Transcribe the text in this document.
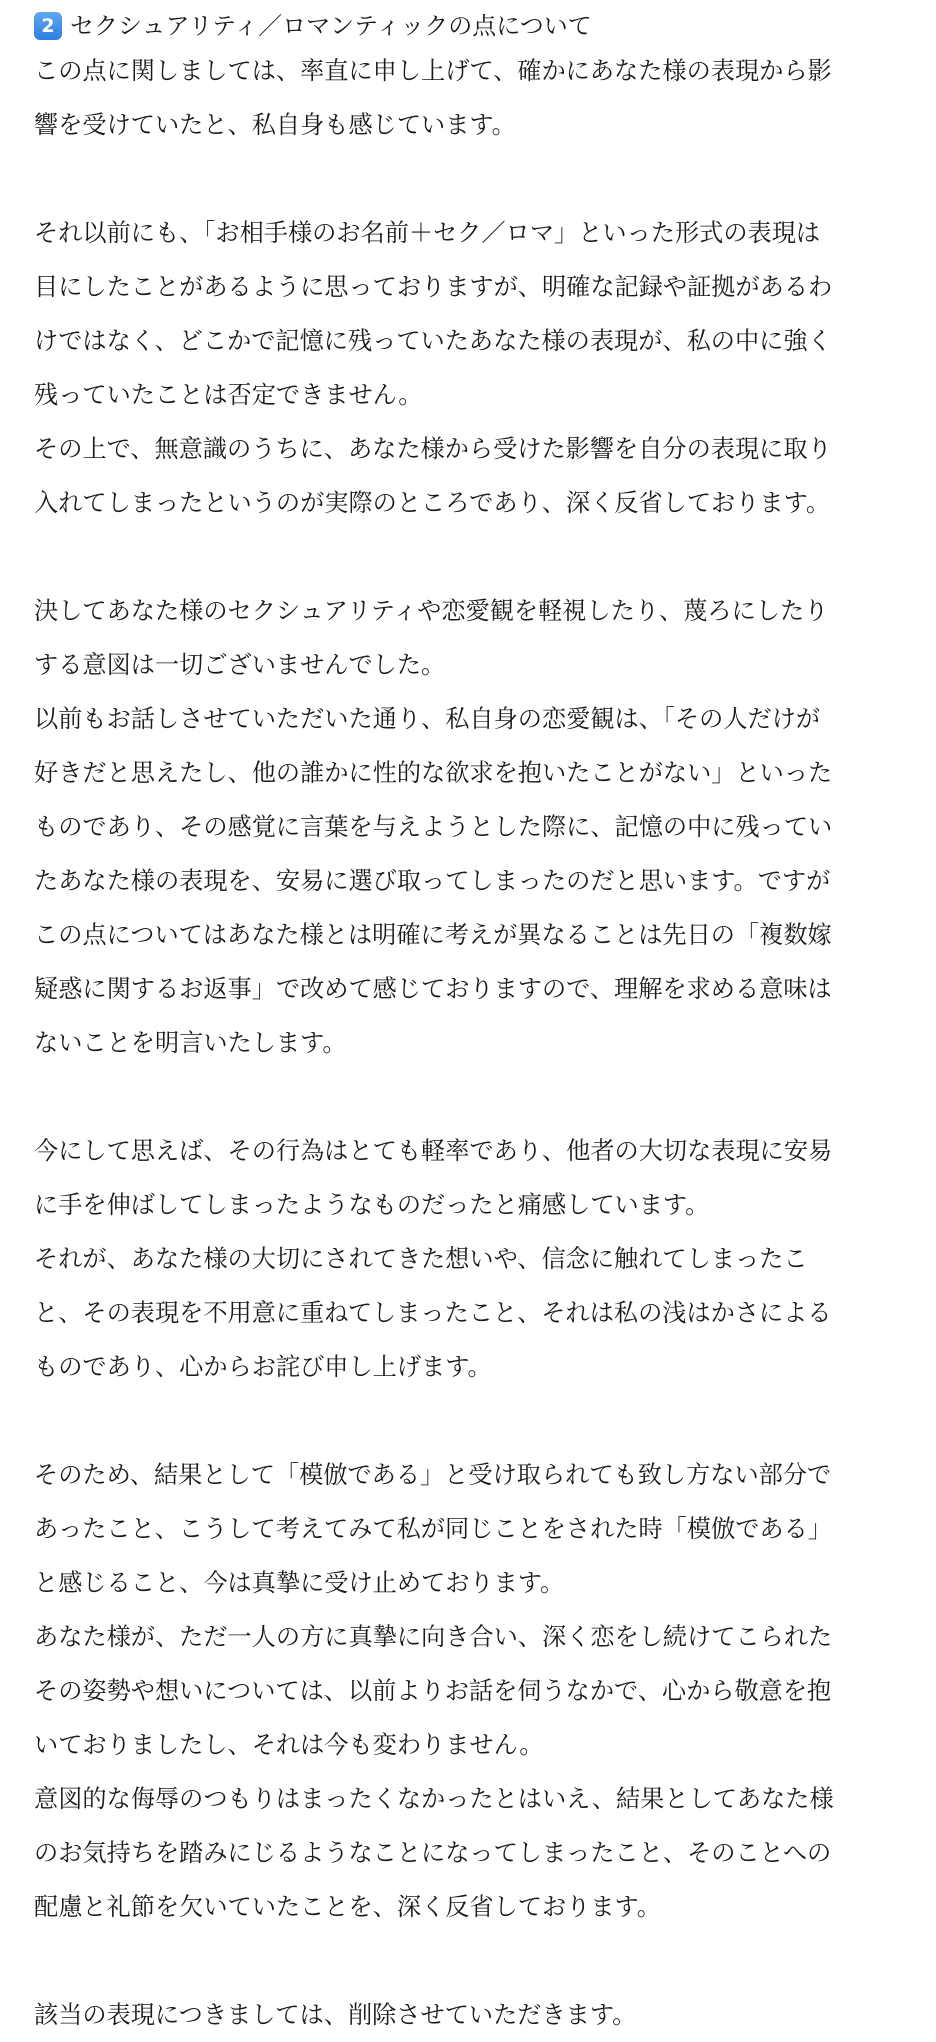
2 セクシュアリティ／ロマンティックの点について
この点に関しましては、率直に申し上げて、確かにあなた様の表現から影
響を受けていたと、私自身も感じています。
それ以前にも、「お相手様のお名前＋セク／ロマ」といった形式の表現は
目にしたことがあるように思っておりますが、明確な記録や証拠があるわ
けではなく、どこかで記憶に残っていたあなた様の表現が、私の中に強く
残っていたことは否定できません。
その上で、無意識のうちに、あなた様から受けた影響を自分の表現に取り
入れてしまったというのが実際のところであり、深く反省しております。
決してあなた様のセクシュアリティや恋愛観を軽視したり、蔑ろにしたり
する意図は一切ございませんでした。
以前もお話しさせていただいた通り、私自身の恋愛観は、「その人だけが
好きだと思えたし、他の誰かに性的な欲求を抱いたことがない」といった
ものであり、その感覚に言葉を与えようとした際に、記憶の中に残ってい
たあなた様の表現を、安易に選び取ってしまったのだと思います。ですが
この点についてはあなた様とは明確に考えが異なることは先日の「複数嫁
疑惑に関するお返事」で改めて感じておりますので、理解を求める意味は
ないことを明言いたします。
今にして思えば、その行為はとても軽率であり、他者の大切な表現に安易
に手を伸ばしてしまったようなものだったと痛感しています。
それが、あなた様の大切にされてきた想いや、信念に触れてしまったこ
と、その表現を不用意に重ねてしまったこと、それは私の浅はかさによる
ものであり、心からお詫び申し上げます。
そのため、結果として「模倣である」と受け取られても致し方ない部分で
あったこと、こうして考えてみて私が同じことをされた時「模倣である」
と感じること、今は真摯に受け止めております。
あなた様が、ただ一人の方に真摯に向き合い、深く恋をし続けてこられた
その姿勢や想いについては、以前よりお話を伺うなかで、心から敬意を抱
いておりましたし、それは今も変わりません。
意図的な侮辱のつもりはまったくなかったとはいえ、結果としてあなた様
のお気持ちを踏みにじるようなことになってしまったこと、そのことへの
配慮と礼節を欠いていたことを、深く反省しております。
該当の表現につきましては、削除させていただきます。
